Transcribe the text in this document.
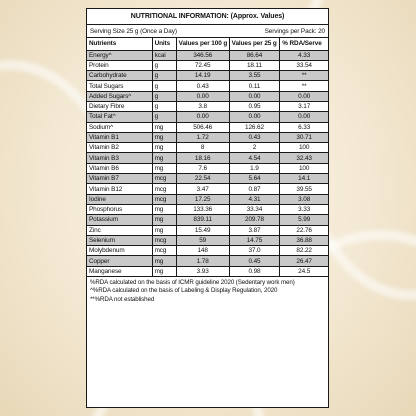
NUTRITIONAL INFORMATION: (Approx. Values)
Serving Size 25 g (Once a Day)	Servings per Pack: 20
Nutrients	Units	Values per 100 g	Values per 25 g	% RDA/Serve
Energy^	kcal	346.56	86.64	4.33
Protein	g	72.45	18.11	33.54
Carbohydrate	g	14.19	3.55	**
Total Sugars	g	0.43	0.11	**
Added Sugars^	g	0.00	0.00	0.00
Dietary Fibre	g	3.8	0.95	3.17
Total Fat^	g	0.00	0.00	0.00
Sodium^	mg	506.46	126.62	6.33
Vitamin B1	mg	1.72	0.43	30.71
Vitamin B2	mg	8	2	100
Vitamin B3	mg	18.16	4.54	32.43
Vitamin B6	mg	7.6	1.9	100
Vitamin B7	mcg	22.54	5.64	14.1
Vitamin B12	mcg	3.47	0.87	39.55
Iodine	mcg	17.25	4.31	3.08
Phosphorus	mg	133.36	33.34	3.33
Potassium	mg	839.11	209.78	5.99
Zinc	mg	15.49	3.87	22.76
Selenium	mcg	59	14.75	36.88
Molybdenum	mcg	148	37.0	82.22
Copper	mg	1.78	0.45	26.47
Manganese	mg	3.93	0.98	24.5
%RDA calculated on the basis of ICMR guideline 2020 (Sedentary work men)
^%RDA calculated on the basis of Labeling & Display Regulation, 2020
**%RDA not established
